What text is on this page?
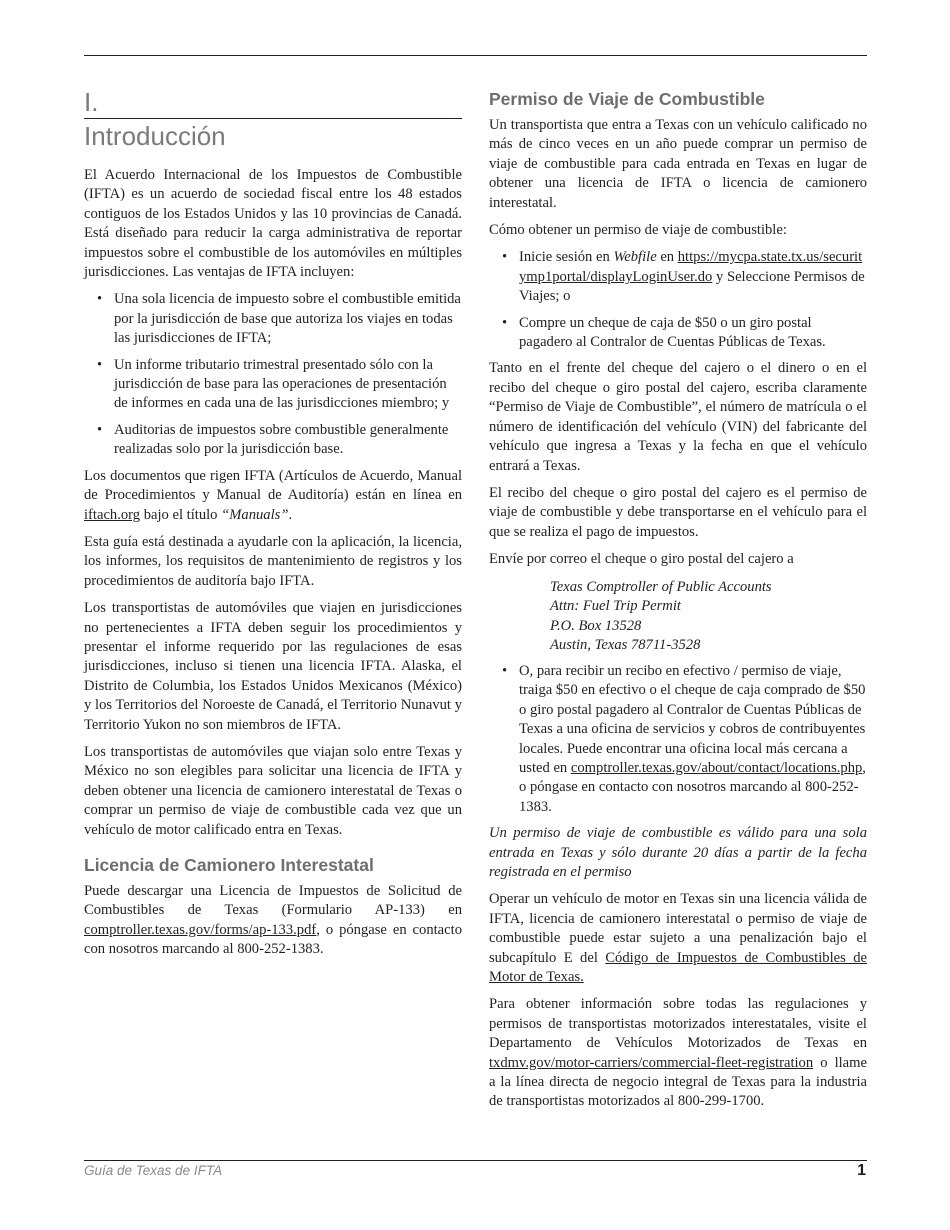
I.
Introducción

El Acuerdo Internacional de los Impuestos de Combustible (IFTA) es un acuerdo de sociedad fiscal entre los 48 estados contiguos de los Estados Unidos y las 10 provincias de Canadá. Está diseñado para reducir la carga administrativa de reportar impuestos sobre el combustible de los automóviles en múltiples jurisdicciones. Las ventajas de IFTA incluyen:

• Una sola licencia de impuesto sobre el combustible emitida por la jurisdicción de base que autoriza los viajes en todas las jurisdicciones de IFTA;
• Un informe tributario trimestral presentado sólo con la jurisdicción de base para las operaciones de presentación de informes en cada una de las jurisdicciones miembro; y
• Auditorias de impuestos sobre combustible generalmente realizadas solo por la jurisdicción base.

Los documentos que rigen IFTA (Artículos de Acuerdo, Manual de Procedimientos y Manual de Auditoría) están en línea en iftach.org bajo el título “Manuals”.

Esta guía está destinada a ayudarle con la aplicación, la licencia, los informes, los requisitos de mantenimiento de registros y los procedimientos de auditoría bajo IFTA.

Los transportistas de automóviles que viajen en jurisdicciones no pertenecientes a IFTA deben seguir los procedimientos y presentar el informe requerido por las regulaciones de esas jurisdicciones, incluso si tienen una licencia IFTA. Alaska, el Distrito de Columbia, los Estados Unidos Mexicanos (México) y los Territorios del Noroeste de Canadá, el Territorio Nunavut y Territorio Yukon no son miembros de IFTA.

Los transportistas de automóviles que viajan solo entre Texas y México no son elegibles para solicitar una licencia de IFTA y deben obtener una licencia de camionero interestatal de Texas o comprar un permiso de viaje de combustible cada vez que un vehículo de motor calificado entra en Texas.

Licencia de Camionero Interestatal

Puede descargar una Licencia de Impuestos de Solicitud de Combustibles de Texas (Formulario AP-133) en comptroller.texas.gov/forms/ap-133.pdf, o póngase en contacto con nosotros marcando al 800-252-1383.

Permiso de Viaje de Combustible

Un transportista que entra a Texas con un vehículo calificado no más de cinco veces en un año puede comprar un permiso de viaje de combustible para cada entrada en Texas en lugar de obtener una licencia de IFTA o licencia de camionero interestatal.

Cómo obtener un permiso de viaje de combustible:

• Inicie sesión en Webfile en https://mycpa.state.tx.us/securitymp1portal/displayLoginUser.do y Seleccione Permisos de Viajes; o
• Compre un cheque de caja de $50 o un giro postal pagadero al Contralor de Cuentas Públicas de Texas.

Tanto en el frente del cheque del cajero o el dinero o en el recibo del cheque o giro postal del cajero, escriba claramente “Permiso de Viaje de Combustible”, el número de matrícula o el número de identificación del vehículo (VIN) del fabricante del vehículo que ingresa a Texas y la fecha en que el vehículo entrará a Texas.

El recibo del cheque o giro postal del cajero es el permiso de viaje de combustible y debe transportarse en el vehículo para el que se realiza el pago de impuestos.

Envíe por correo el cheque o giro postal del cajero a

Texas Comptroller of Public Accounts
Attn: Fuel Trip Permit
P.O. Box 13528
Austin, Texas 78711-3528
• O, para recibir un recibo en efectivo / permiso de viaje, traiga $50 en efectivo o el cheque de caja comprado de $50 o giro postal pagadero al Contralor de Cuentas Públicas de Texas a una oficina de servicios y cobros de contribuyentes locales. Puede encontrar una oficina local más cercana a usted en comptroller.texas.gov/about/contact/locations.php, o póngase en contacto con nosotros marcando al 800-252-1383.

Un permiso de viaje de combustible es válido para una sola entrada en Texas y sólo durante 20 días a partir de la fecha registrada en el permiso

Operar un vehículo de motor en Texas sin una licencia válida de IFTA, licencia de camionero interestatal o permiso de viaje de combustible puede estar sujeto a una penalización bajo el subcapítulo E del Código de Impuestos de Combustibles de Motor de Texas.

Para obtener información sobre todas las regulaciones y permisos de transportistas motorizados interestatales, visite el Departamento de Vehículos Motorizados de Texas en txdmv.gov/motor-carriers/commercial-fleet-registration o llame a la línea directa de negocio integral de Texas para la industria de transportistas motorizados al 800-299-1700.

Guía de Texas de IFTA	1
